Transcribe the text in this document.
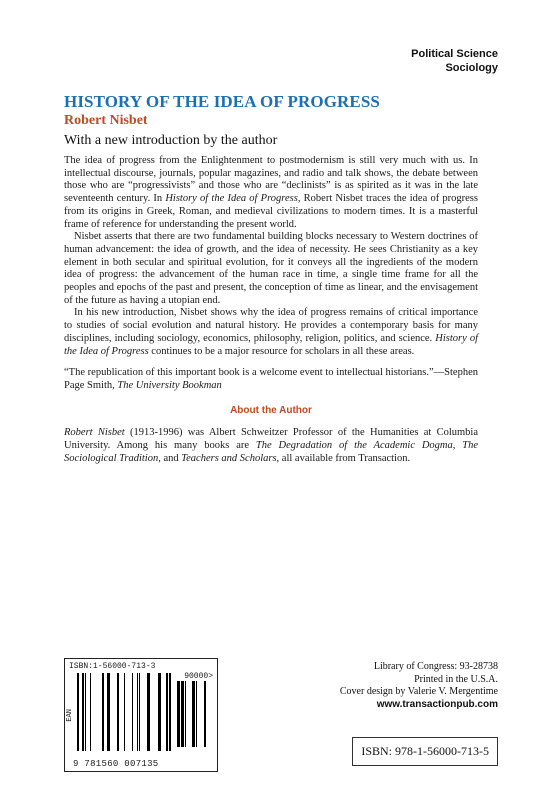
Political Science
Sociology
HISTORY OF THE IDEA OF PROGRESS
Robert Nisbet
With a new introduction by the author

The idea of progress from the Enlightenment to postmodernism is still very much with us. In intellectual discourse, journals, popular magazines, and radio and talk shows, the debate between those who are “progressivists” and those who are “declinists” is as spirited as it was in the late seventeenth century. In History of the Idea of Progress, Robert Nisbet traces the idea of progress from its origins in Greek, Roman, and medieval civilizations to modern times. It is a masterful frame of reference for understanding the present world.

Nisbet asserts that there are two fundamental building blocks necessary to Western doctrines of human advancement: the idea of growth, and the idea of necessity. He sees Christianity as a key element in both secular and spiritual evolution, for it conveys all the ingredients of the modern idea of progress: the advancement of the human race in time, a single time frame for all the peoples and epochs of the past and present, the conception of time as linear, and the envisagement of the future as having a utopian end.

In his new introduction, Nisbet shows why the idea of progress remains of critical importance to studies of social evolution and natural history. He provides a contemporary basis for many disciplines, including sociology, economics, philosophy, religion, politics, and science. History of the Idea of Progress continues to be a major resource for scholars in all these areas.

“The republication of this important book is a welcome event to intellectual historians.”—Stephen Page Smith, The University Bookman

About the Author

Robert Nisbet (1913-1996) was Albert Schweitzer Professor of the Humanities at Columbia University. Among his many books are The Degradation of the Academic Dogma, The Sociological Tradition, and Teachers and Scholars, all available from Transaction.

ISBN:1-56000-713-3
EAN
90000>
9 781560 007135
Library of Congress: 93-28738
Printed in the U.S.A.
Cover design by Valerie V. Mergentime
www.transactionpub.com
ISBN: 978-1-56000-713-5
